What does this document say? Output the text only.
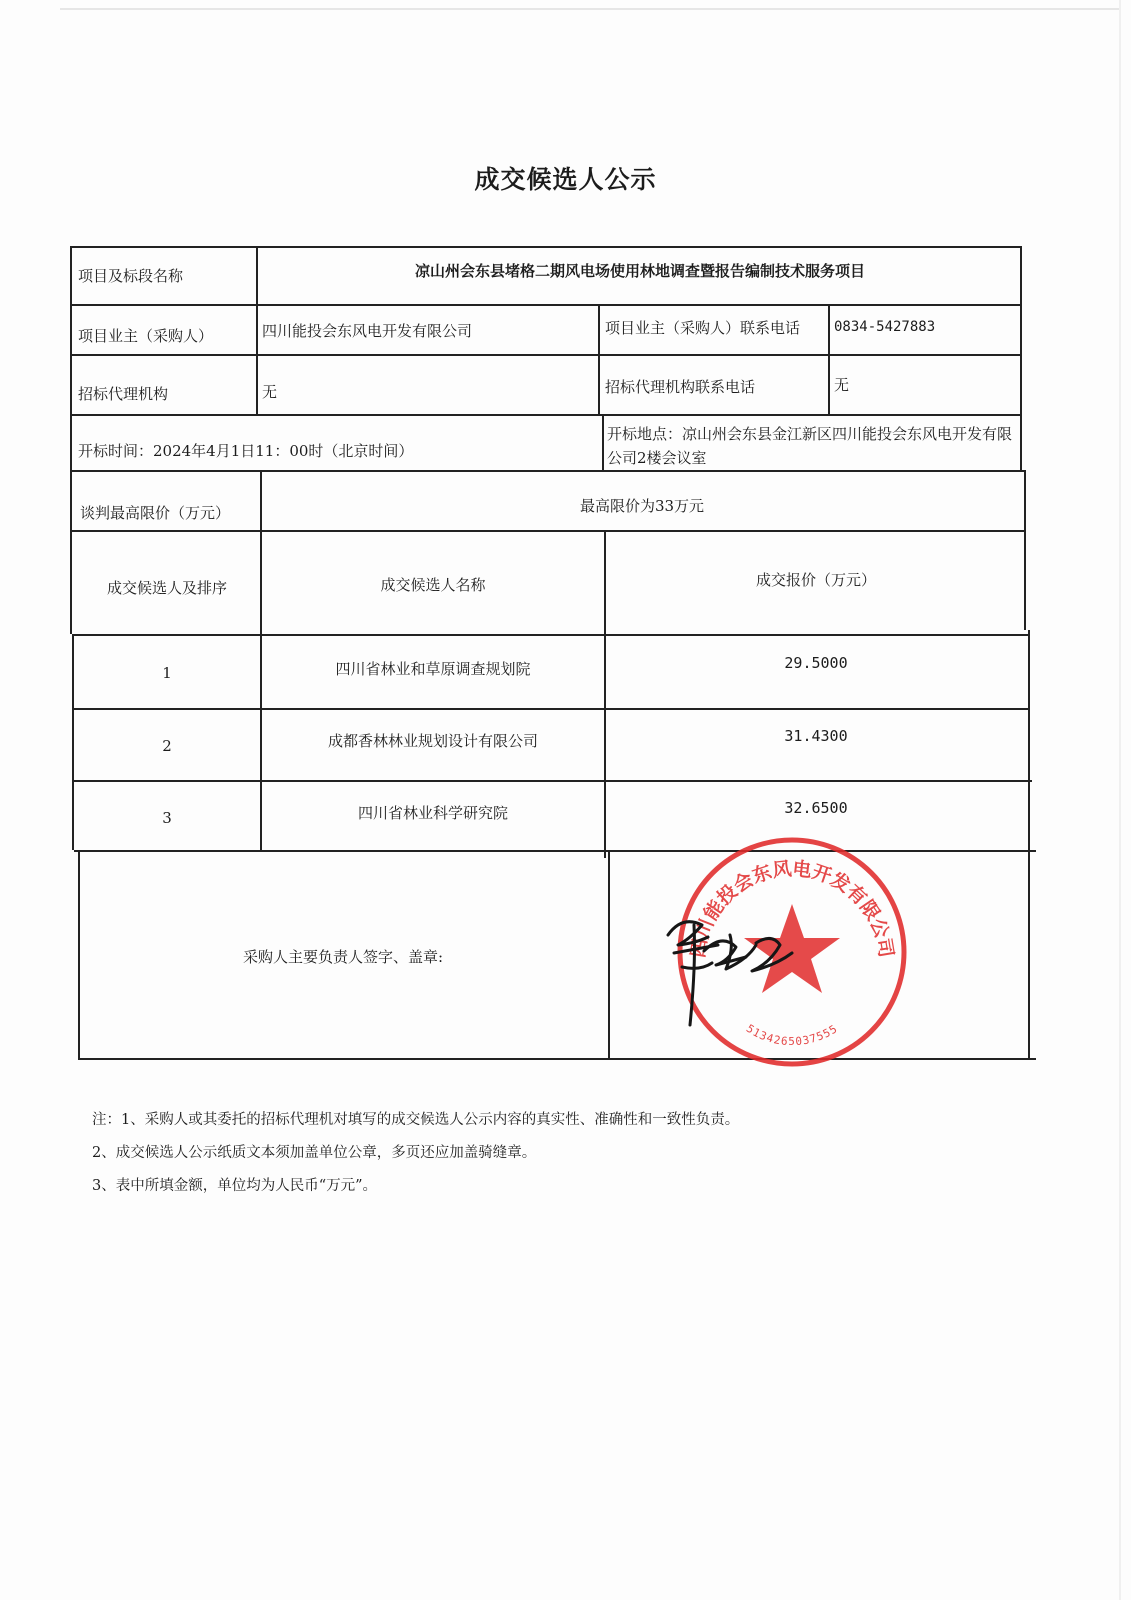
成交候选人公示
项目及标段名称	凉山州会东县堵格二期风电场使用林地调查暨报告编制技术服务项目
项目业主（采购人）	四川能投会东风电开发有限公司	项目业主（采购人）联系电话 0834-5427883
招标代理机构	无	招标代理机构联系电话	无
开标时间：2024年4月1日11：00时（北京时间）
开标地点：凉山州会东县金江新区四川能投会东风电开发有限公司2楼会议室
谈判最高限价（万元）	最高限价为33万元
成交候选人及排序	成交候选人名称	成交报价（万元）
1	四川省林业和草原调查规划院	29.5000
2	成都香林林业规划设计有限公司	31.4300
3	四川省林业科学研究院	32.6500
采购人主要负责人签字、盖章:	四川能投会东风电开发有限公司
5134265037555
注：1、采购人或其委托的招标代理机对填写的成交候选人公示内容的真实性、准确性和一致性负责。
2、成交候选人公示纸质文本须加盖单位公章，多页还应加盖骑缝章。
3、表中所填金额，单位均为人民币“万元”。
